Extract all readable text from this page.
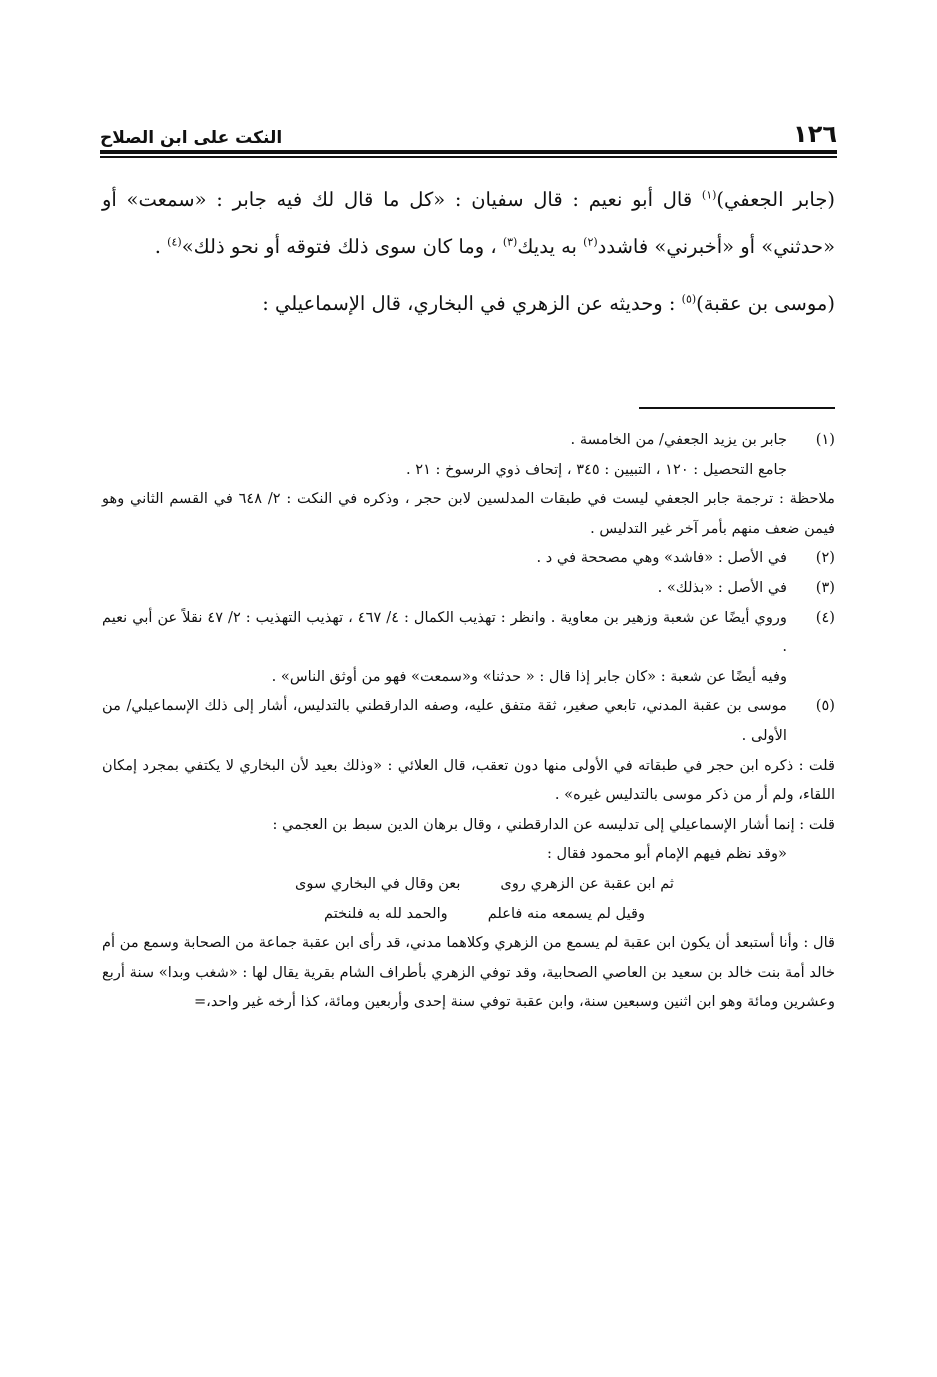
١٢٦
النكت على ابن الصلاح

(جابر الجعفي)$^{(١)}$ قال أبو نعيم : قال سفيان : «كل ما قال لك فيه جابر : «سمعت» أو «حدثني» أو «أخبرني» فاشدد$^{(٢)}$ به يديك$^{(٣)}$ ، وما كان سوى ذلك فتوقه أو نحو ذلك»$^{(٤)}$ .

(موسى بن عقبة)$^{(٥)}$ : وحديثه عن الزهري في البخاري، قال الإسماعيلي :

(١)

جابر بن يزيد الجعفي/ من الخامسة .

جامع التحصيل : ١٢٠ ، التبيين : ٣٤٥ ، إتحاف ذوي الرسوخ : ٢١ .

ملاحظة : ترجمة جابر الجعفي ليست في طبقات المدلسين لابن حجر ، وذكره في النكت : ٢/ ٦٤٨ في القسم الثاني وهو فيمن ضعف منهم بأمر آخر غير التدليس .

(٢)

في الأصل : «فاشد» وهي مصححة في د .

(٣)

في الأصل : «بذلك» .

(٤)

وروي أيضًا عن شعبة وزهير بن معاوية . وانظر : تهذيب الكمال : ٤/ ٤٦٧ ، تهذيب التهذيب : ٢/ ٤٧ نقلاً عن أبي نعيم .

وفيه أيضًا عن شعبة : «كان جابر إذا قال : « حدثنا» و«سمعت» فهو من أوثق الناس» .

(٥)

موسى بن عقبة المدني، تابعي صغير، ثقة متفق عليه، وصفه الدارقطني بالتدليس، أشار إلى ذلك الإسماعيلي/ من الأولى .

قلت : ذكره ابن حجر في طبقاته في الأولى منها دون تعقب، قال العلائي : «وذلك بعيد لأن البخاري لا يكتفي بمجرد إمكان اللقاء، ولم أر من ذكر موسى بالتدليس غيره» .

قلت : إنما أشار الإسماعيلي إلى تدليسه عن الدارقطني ، وقال برهان الدين سبط بن العجمي :

«وقد نظم فيهم الإمام أبو محمود فقال :

ثم ابن عقبة عن الزهري روى
بعن وقال في البخاري سوى
وقيل لم يسمعه منه فاعلم
والحمد لله به فلنختم

قال : وأنا أستبعد أن يكون ابن عقبة لم يسمع من الزهري وكلاهما مدني، قد رأى ابن عقبة جماعة من الصحابة وسمع من أم خالد أمة بنت خالد بن سعيد بن العاصي الصحابية، وقد توفي الزهري بأطراف الشام بقرية يقال لها : «شغب وبدا» سنة أربع وعشرين ومائة وهو ابن اثنين وسبعين سنة، وابن عقبة توفي سنة إحدى وأربعين ومائة، كذا أرخه غير واحد،=
